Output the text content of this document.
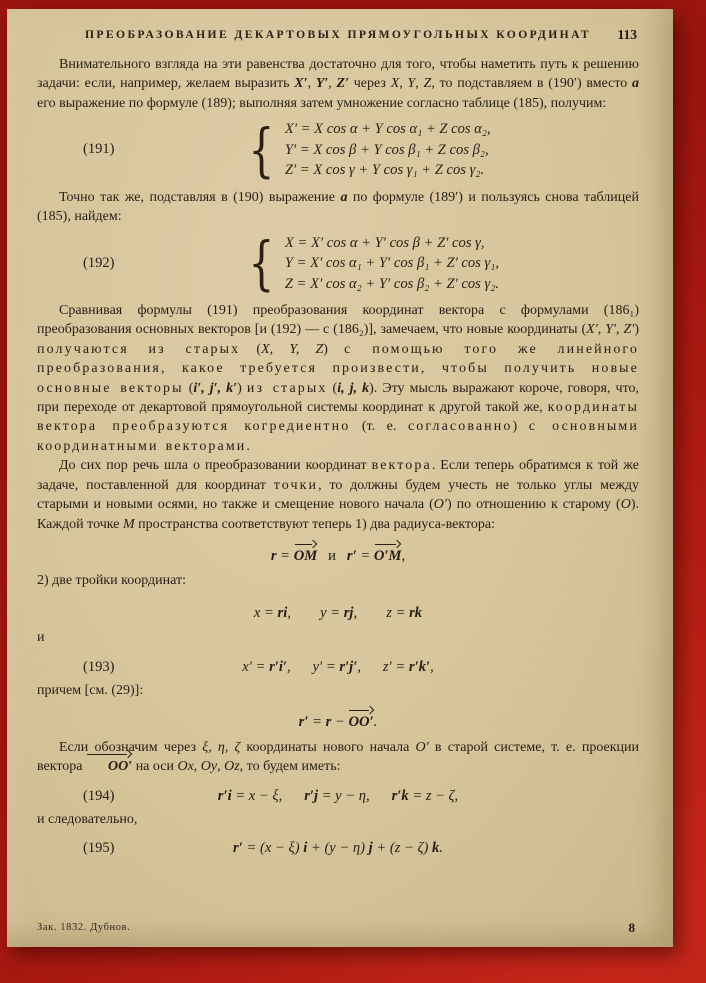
ПРЕОБРАЗОВАНИЕ ДЕКАРТОВЫХ ПРЯМОУГОЛЬНЫХ КООРДИНАТ 113

Внимательного взгляда на эти равенства достаточно для того, чтобы наметить путь к решению задачи: если, например, желаем выразить X′, Y′, Z′ через X, Y, Z, то подставляем в (190′) вместо a его выражение по формуле (189); выполняя затем умножение согласно таблице (185), получим:

(191)	{ X′ = X cos α + Y cos α₁ + Z cos α₂,
Y′ = X cos β + Y cos β₁ + Z cos β₂,
Z′ = X cos γ + Y cos γ₁ + Z cos γ₂.

Точно так же, подставляя в (190) выражение a по формуле (189′) и пользуясь снова таблицей (185), найдем:

(192)	{ X = X′ cos α + Y′ cos β + Z′ cos γ,
Y = X′ cos α₁ + Y′ cos β₁ + Z′ cos γ₁,
Z = X′ cos α₂ + Y′ cos β₂ + Z′ cos γ₂.

Сравнивая формулы (191) преобразования координат вектора с формулами (186₁) преобразования основных векторов [и (192) — с (186₂)], замечаем, что новые координаты (X′, Y′, Z′) получаются из старых (X, Y, Z) с помощью того же линейного преобразования, какое требуется произвести, чтобы получить новые основные векторы (i′, j′, k′) из старых (i, j, k). Эту мысль выражают короче, говоря, что, при переходе от декартовой прямоугольной системы координат к другой такой же, координаты вектора преобразуются когредиентно (т. е. согласованно) с основными координатными векторами.

До сих пор речь шла о преобразовании координат вектора. Если теперь обратимся к той же задаче, поставленной для координат точки, то должны будем учесть не только углы между старыми и новыми осями, но также и смещение нового начала (O′) по отношению к старому (O). Каждой точке M пространства соответствуют теперь 1) два радиуса-вектора:

r = OM   и   r′ = O′M,

2) две тройки координат:

x = ri,        y = rj,        z = rk

и

(193)	x′ = r′i′,      y′ = r′j′,      z′ = r′k′,

причем [см. (29)]:

r′ = r − OO′.

Если обозначим через ξ, η, ζ координаты нового начала O′ в старой системе, т. е. проекции вектора OO′ на оси Ox, Oy, Oz, то будем иметь:

(194)	r′i = x − ξ,      r′j = y − η,      r′k = z − ζ,

и следовательно,

(195)	r′ = (x − ξ) i + (y − η) j + (z − ζ) k.
Зак. 1832. Дубнов.	8
